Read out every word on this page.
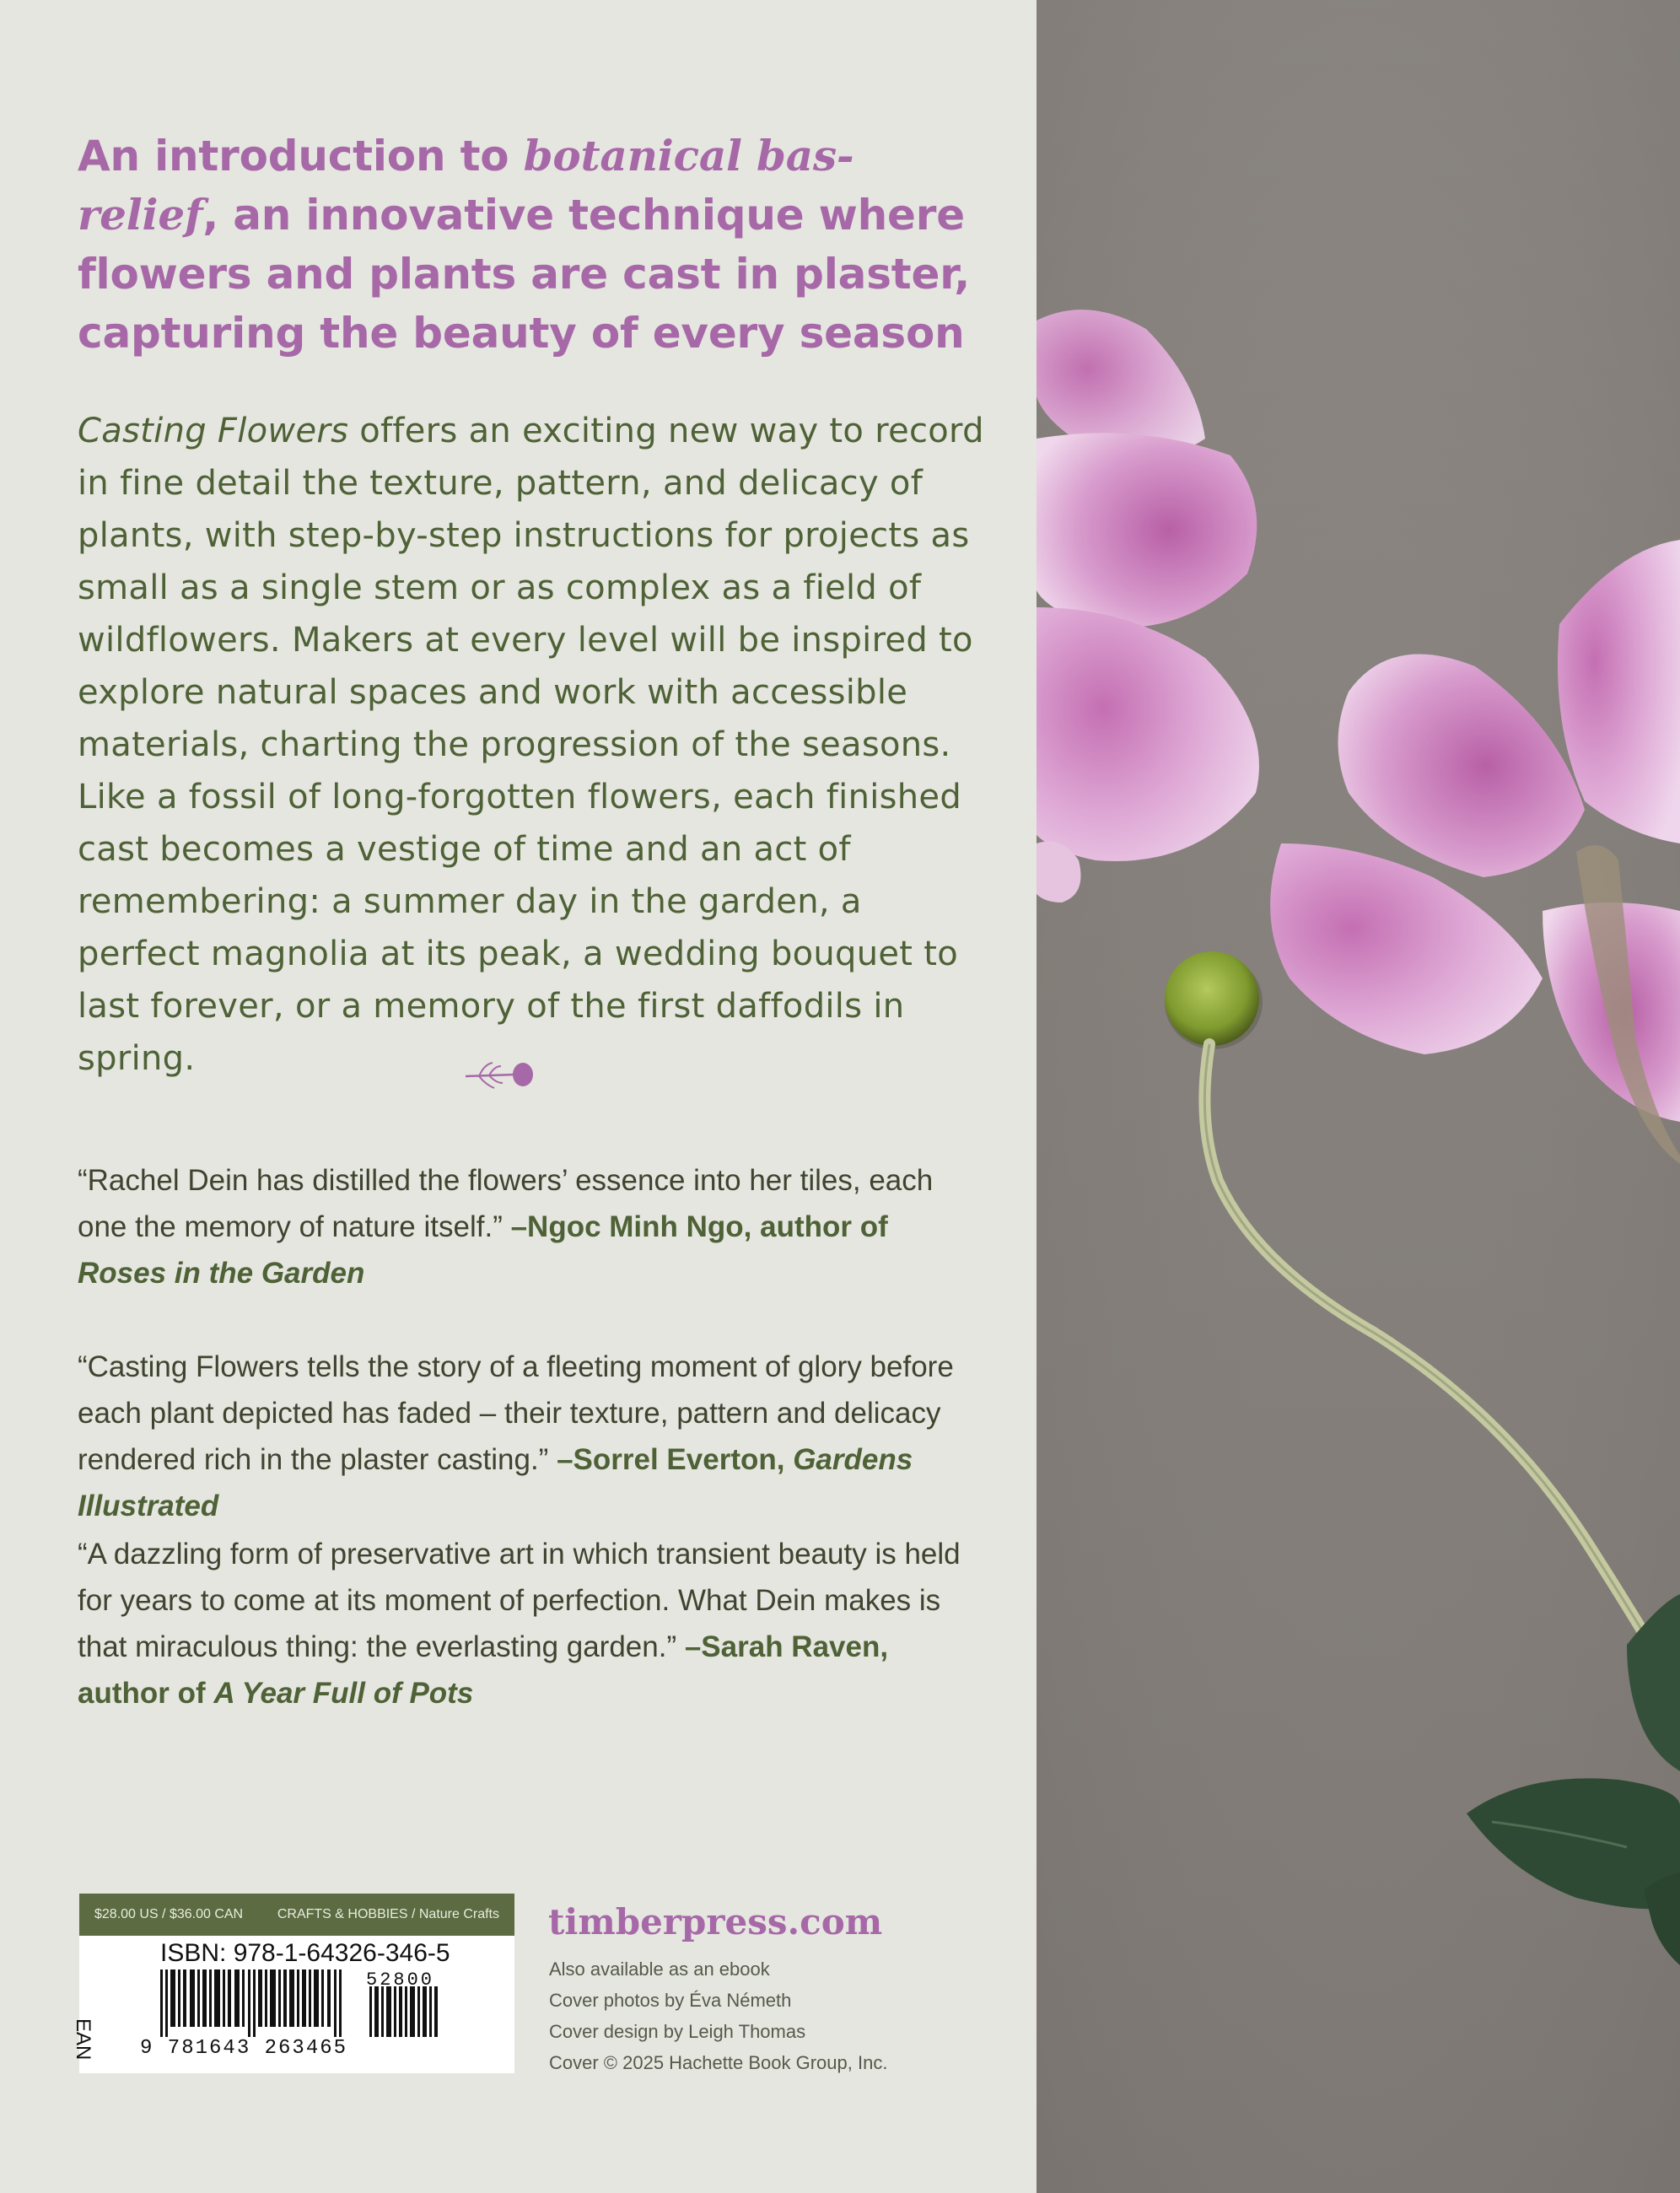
An introduction to botanical bas-relief, an innovative technique where flowers and plants are cast in plaster, capturing the beauty of every season
Casting Flowers offers an exciting new way to record in fine detail the texture, pattern, and delicacy of plants, with step-by-step instructions for projects as small as a single stem or as complex as a field of wildflowers. Makers at every level will be inspired to explore natural spaces and work with accessible materials, charting the progression of the seasons. Like a fossil of long-forgotten flowers, each finished cast becomes a vestige of time and an act of remembering: a summer day in the garden, a perfect magnolia at its peak, a wedding bouquet to last forever, or a memory of the first daffodils in spring.
“Rachel Dein has distilled the flowers’ essence into her tiles, each one the memory of nature itself.” –Ngoc Minh Ngo, author of Roses in the Garden
“Casting Flowers tells the story of a fleeting moment of glory before each plant depicted has faded – their texture, pattern and delicacy rendered rich in the plaster casting.” –Sorrel Everton, Gardens Illustrated
“A dazzling form of preservative art in which transient beauty is held for years to come at its moment of perfection. What Dein makes is that miraculous thing: the everlasting garden.” –Sarah Raven, author of A Year Full of Pots
$28.00 US / $36.00 CAN	CRAFTS & HOBBIES / Nature Crafts
ISBN: 978-1-64326-346-5
EAN 9 781643 263465
52800
timberpress.com
Also available as an ebook
Cover photos by Éva Németh
Cover design by Leigh Thomas
Cover © 2025 Hachette Book Group, Inc.
